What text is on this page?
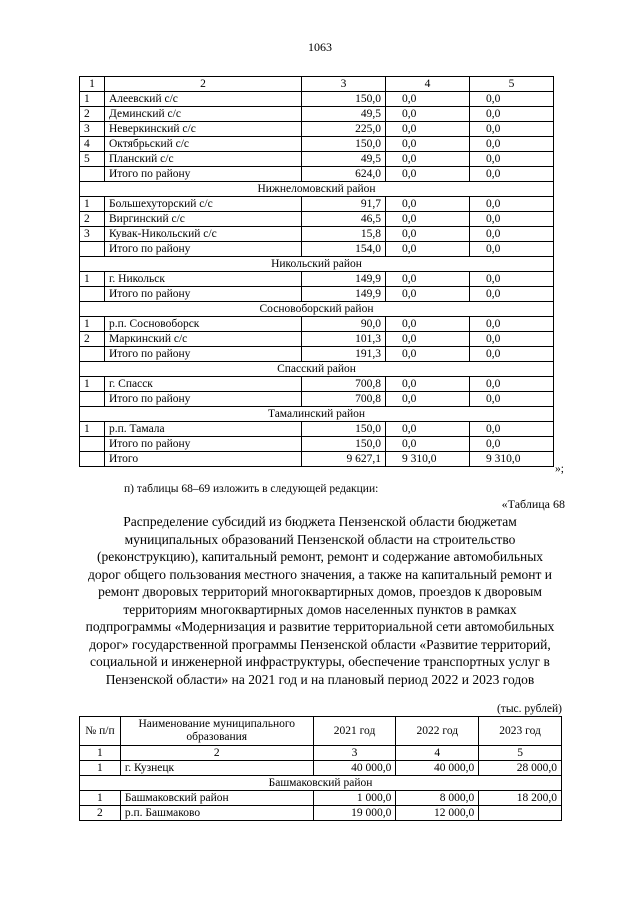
1063
1	2	3	4	5
1	Алеевский с/с	150,0	0,0	0,0
2	Деминский с/с	49,5	0,0	0,0
3	Неверкинский с/с	225,0	0,0	0,0
4	Октябрьский с/с	150,0	0,0	0,0
5	Планский с/с	49,5	0,0	0,0
	Итого по району	624,0	0,0	0,0
Нижнеломовский район				
1	Большехуторский с/с	91,7	0,0	0,0
2	Виргинский с/с	46,5	0,0	0,0
3	Кувак-Никольский с/с	15,8	0,0	0,0
	Итого по району	154,0	0,0	0,0
Никольский район				
1	г. Никольск	149,9	0,0	0,0
	Итого по району	149,9	0,0	0,0
Сосновоборский район				
1	р.п. Сосновоборск	90,0	0,0	0,0
2	Маркинский с/с	101,3	0,0	0,0
	Итого по району	191,3	0,0	0,0
Спасский район				
1	г. Спасск	700,8	0,0	0,0
	Итого по району	700,8	0,0	0,0
Тамалинский район				
1	р.п. Тамала	150,0	0,0	0,0
	Итого по району	150,0	0,0	0,0
	Итого	9 627,1	9 310,0	9 310,0
»;
п) таблицы 68–69 изложить в следующей редакции:
«Таблица 68
Распределение субсидий из бюджета Пензенской области бюджетам муниципальных образований Пензенской области на строительство (реконструкцию), капитальный ремонт, ремонт и содержание автомобильных дорог общего пользования местного значения, а также на капитальный ремонт и ремонт дворовых территорий многоквартирных домов, проездов к дворовым территориям многоквартирных домов населенных пунктов в рамках подпрограммы «Модернизация и развитие территориальной сети автомобильных дорог» государственной программы Пензенской области «Развитие территорий, социальной и инженерной инфраструктуры, обеспечение транспортных услуг в Пензенской области» на 2021 год и на плановый период 2022 и 2023 годов
(тыс. рублей)
№ п/п	Наименование муниципального образования	2021 год	2022 год	2023 год
1	2	3	4	5
1	г. Кузнецк	40 000,0	40 000,0	28 000,0
Башмаковский район				
1	Башмаковский район	1 000,0	8 000,0	18 200,0
2	р.п. Башмаково	19 000,0	12 000,0	
